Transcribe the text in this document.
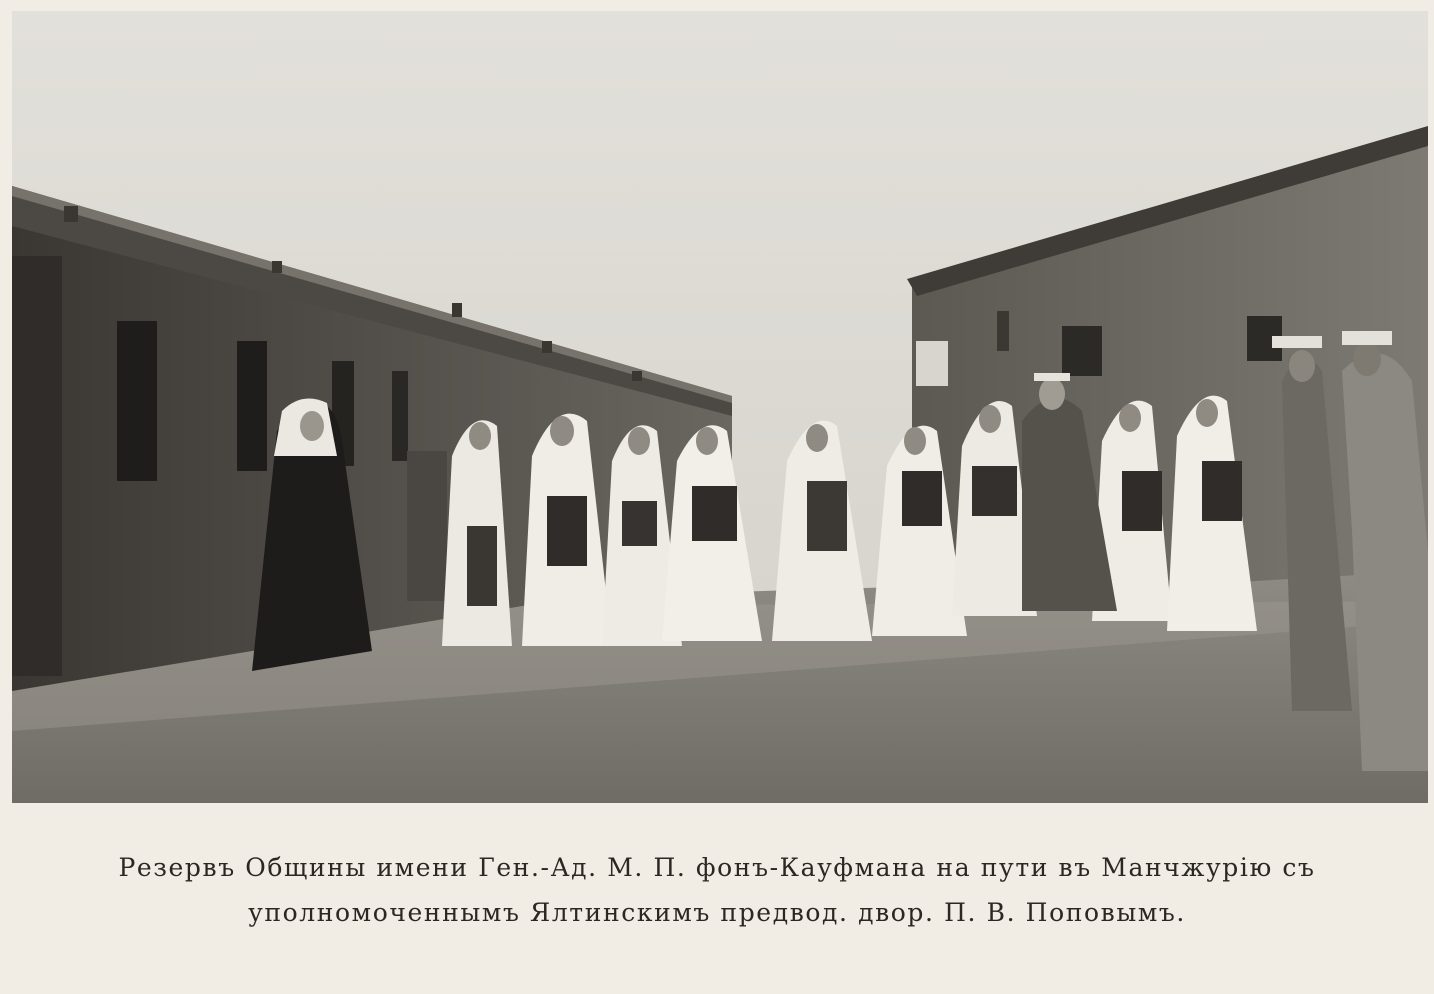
Резервъ Общины имени Ген.-Ад. М. П. фонъ-Кауфмана на пути въ Манчжурiю съ
уполномоченнымъ Ялтинскимъ предвод. двор. П. В. Поповымъ.
